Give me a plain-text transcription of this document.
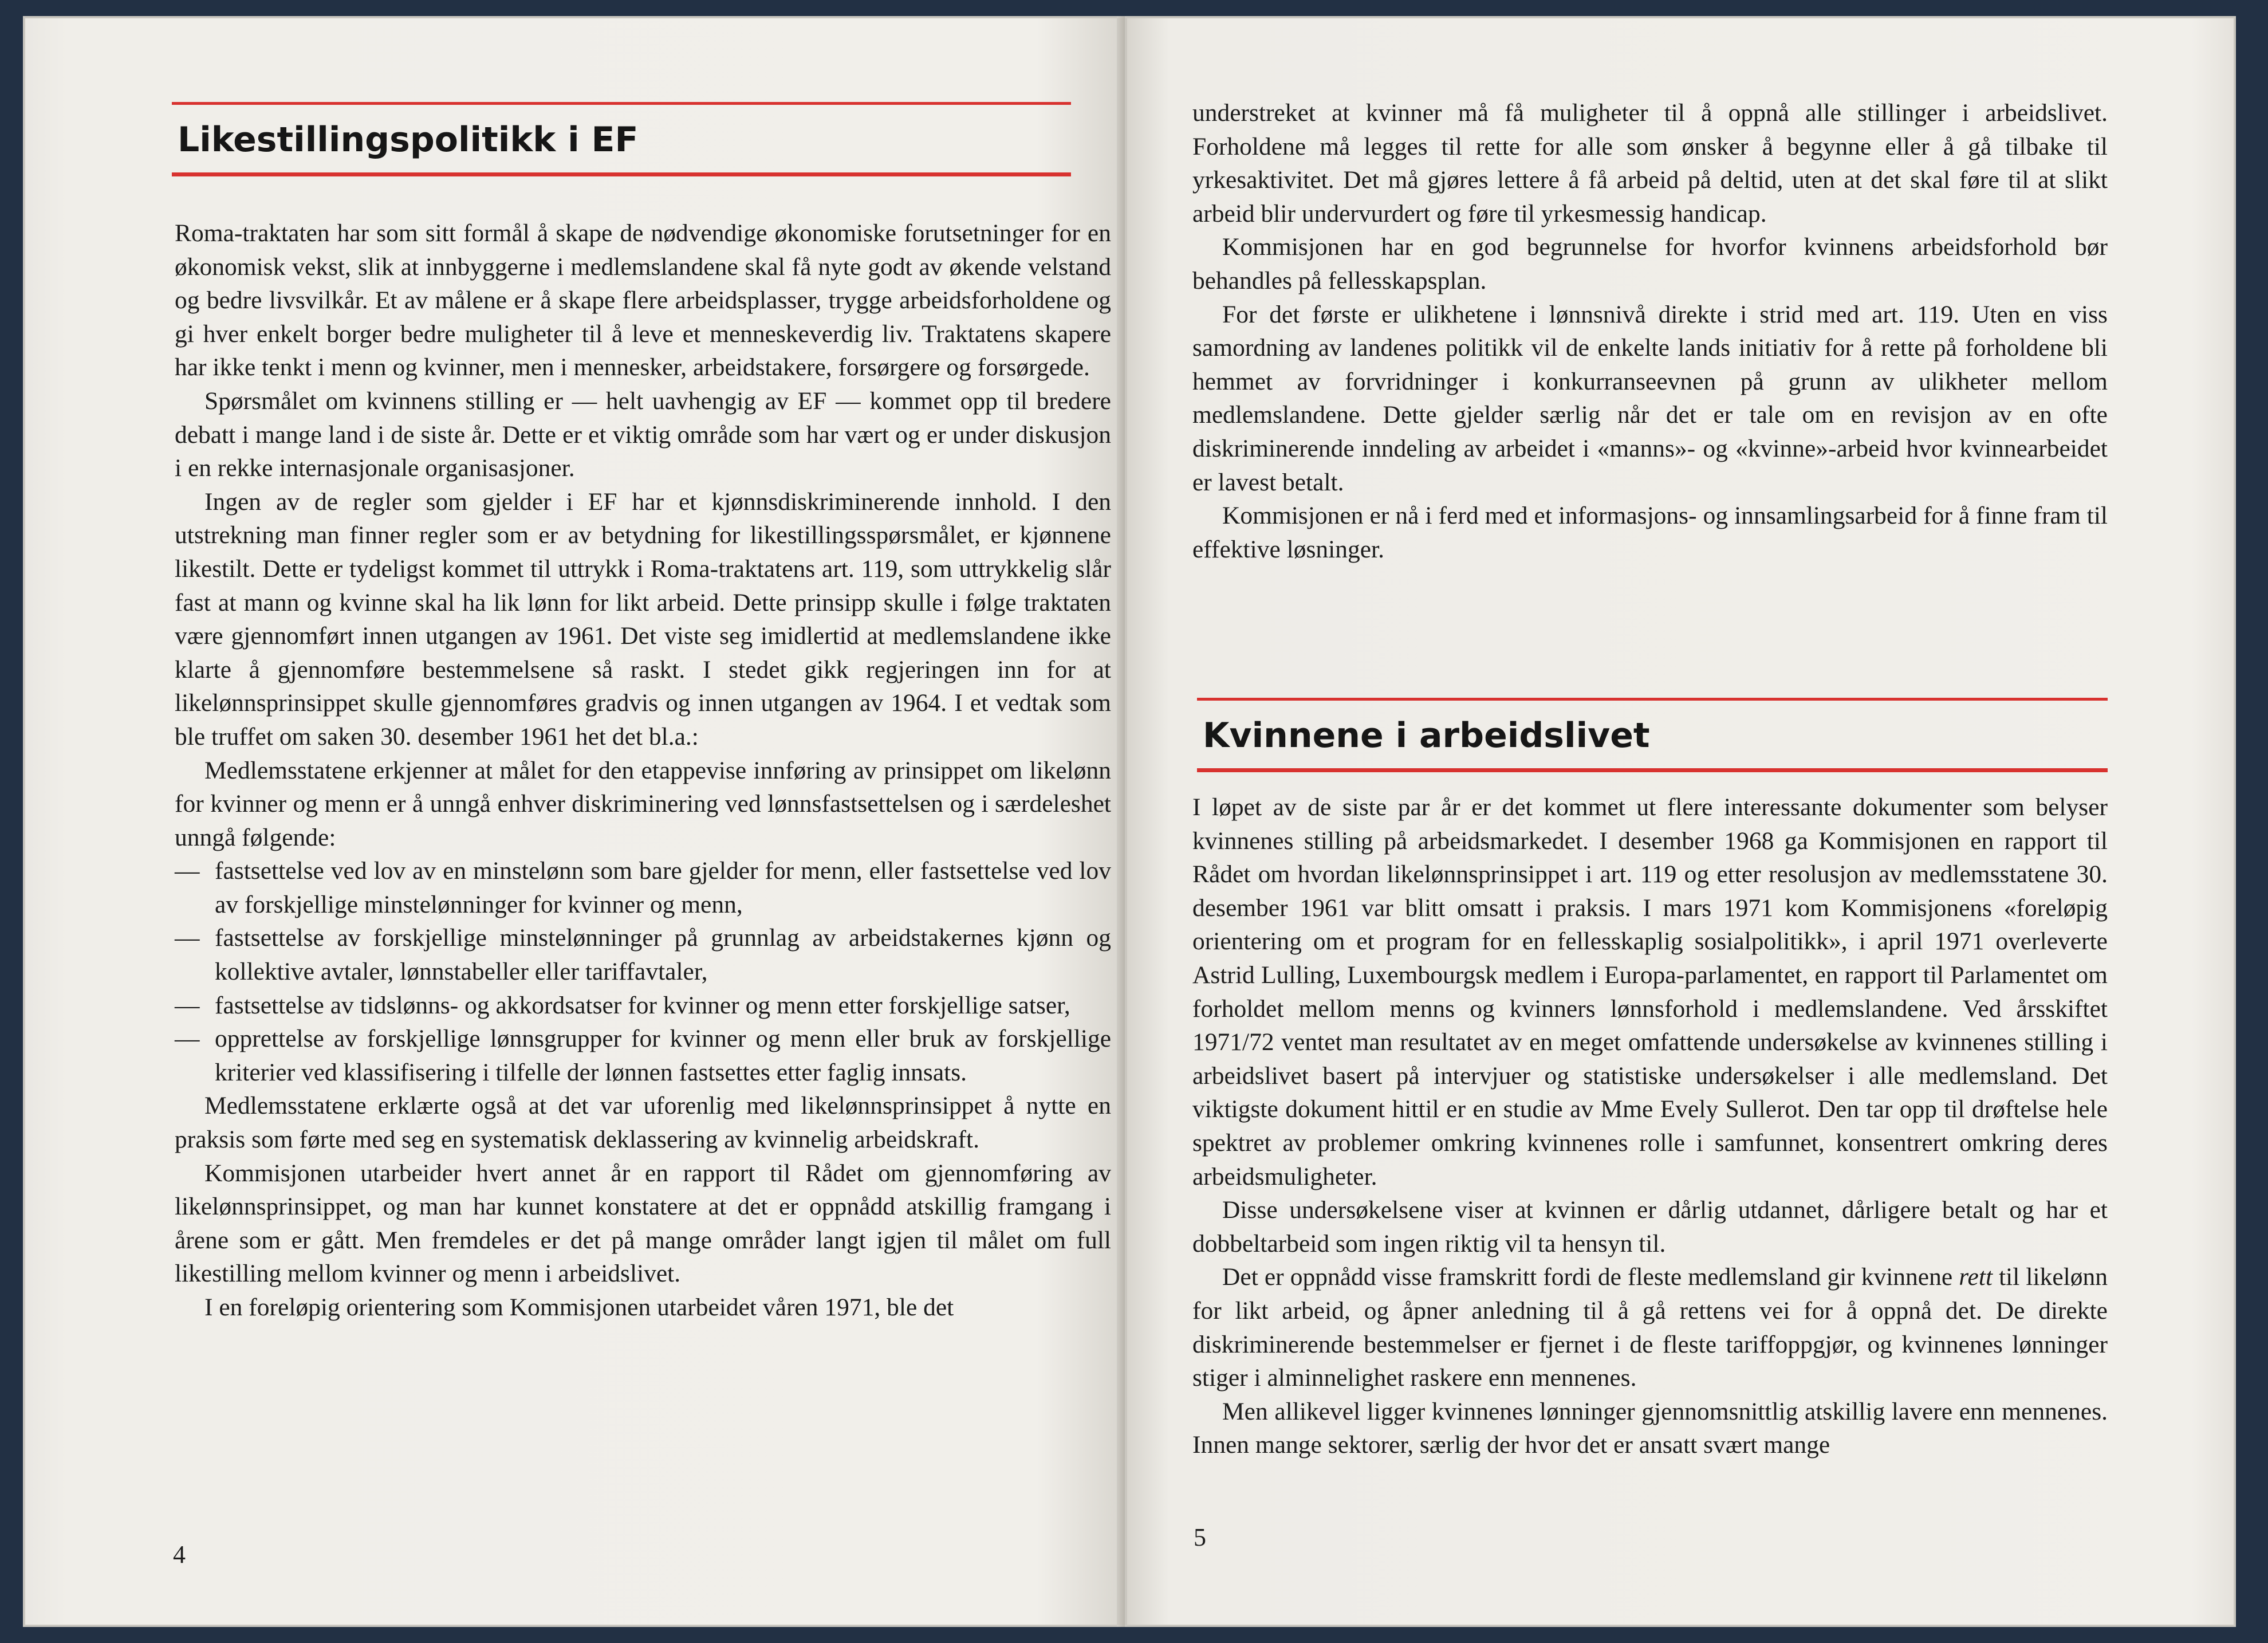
Likestillingspolitikk i EF

Roma-traktaten har som sitt formål å skape de nødvendige økonomiske forutsetninger for en økonomisk vekst, slik at innbyggerne i medlemslandene skal få nyte godt av økende velstand og bedre livsvilkår. Et av målene er å skape flere arbeidsplasser, trygge arbeidsforholdene og gi hver enkelt borger bedre muligheter til å leve et menneskeverdig liv. Traktatens skapere har ikke tenkt i menn og kvinner, men i mennesker, arbeidstakere, forsørgere og forsørgede.

Spørsmålet om kvinnens stilling er — helt uavhengig av EF — kommet opp til bredere debatt i mange land i de siste år. Dette er et viktig område som har vært og er under diskusjon i en rekke internasjonale organisasjoner.

Ingen av de regler som gjelder i EF har et kjønnsdiskriminerende innhold. I den utstrekning man finner regler som er av betydning for likestillingsspørsmålet, er kjønnene likestilt. Dette er tydeligst kommet til uttrykk i Roma-traktatens art. 119, som uttrykkelig slår fast at mann og kvinne skal ha lik lønn for likt arbeid. Dette prinsipp skulle i følge traktaten være gjennomført innen utgangen av 1961. Det viste seg imidlertid at medlemslandene ikke klarte å gjennomføre bestemmelsene så raskt. I stedet gikk regjeringen inn for at likelønnsprinsippet skulle gjennomføres gradvis og innen utgangen av 1964. I et vedtak som ble truffet om saken 30. desember 1961 het det bl.a.:

Medlemsstatene erkjenner at målet for den etappevise innføring av prinsippet om likelønn for kvinner og menn er å unngå enhver diskriminering ved lønnsfastsettelsen og i særdeleshet unngå følgende:

— fastsettelse ved lov av en minstelønn som bare gjelder for menn, eller fastsettelse ved lov av forskjellige minstelønninger for kvinner og menn,
— fastsettelse av forskjellige minstelønninger på grunnlag av arbeidstakernes kjønn og kollektive avtaler, lønnstabeller eller tariffavtaler,
— fastsettelse av tidslønns- og akkordsatser for kvinner og menn etter forskjellige satser,
— opprettelse av forskjellige lønnsgrupper for kvinner og menn eller bruk av forskjellige kriterier ved klassifisering i tilfelle der lønnen fastsettes etter faglig innsats.

Medlemsstatene erklærte også at det var uforenlig med likelønnsprinsippet å nytte en praksis som førte med seg en systematisk deklassering av kvinnelig arbeidskraft.

Kommisjonen utarbeider hvert annet år en rapport til Rådet om gjennomføring av likelønnsprinsippet, og man har kunnet konstatere at det er oppnådd atskillig framgang i årene som er gått. Men fremdeles er det på mange områder langt igjen til målet om full likestilling mellom kvinner og menn i arbeidslivet.

I en foreløpig orientering som Kommisjonen utarbeidet våren 1971, ble det

4

understreket at kvinner må få muligheter til å oppnå alle stillinger i arbeidslivet. Forholdene må legges til rette for alle som ønsker å begynne eller å gå tilbake til yrkesaktivitet. Det må gjøres lettere å få arbeid på deltid, uten at det skal føre til at slikt arbeid blir undervurdert og føre til yrkesmessig handicap.

Kommisjonen har en god begrunnelse for hvorfor kvinnens arbeidsforhold bør behandles på fellesskapsplan.

For det første er ulikhetene i lønnsnivå direkte i strid med art. 119. Uten en viss samordning av landenes politikk vil de enkelte lands initiativ for å rette på forholdene bli hemmet av forvridninger i konkurranseevnen på grunn av ulikheter mellom medlemslandene. Dette gjelder særlig når det er tale om en revisjon av en ofte diskriminerende inndeling av arbeidet i «manns»- og «kvinne»-arbeid hvor kvinnearbeidet er lavest betalt.

Kommisjonen er nå i ferd med et informasjons- og innsamlingsarbeid for å finne fram til effektive løsninger.

Kvinnene i arbeidslivet

I løpet av de siste par år er det kommet ut flere interessante dokumenter som belyser kvinnenes stilling på arbeidsmarkedet. I desember 1968 ga Kommisjonen en rapport til Rådet om hvordan likelønnsprinsippet i art. 119 og etter resolusjon av medlemsstatene 30. desember 1961 var blitt omsatt i praksis. I mars 1971 kom Kommisjonens «foreløpig orientering om et program for en fellesskaplig sosialpolitikk», i april 1971 overleverte Astrid Lulling, Luxembourgsk medlem i Europa-parlamentet, en rapport til Parlamentet om forholdet mellom menns og kvinners lønnsforhold i medlemslandene. Ved årsskiftet 1971/72 ventet man resultatet av en meget omfattende undersøkelse av kvinnenes stilling i arbeidslivet basert på intervjuer og statistiske undersøkelser i alle medlemsland. Det viktigste dokument hittil er en studie av Mme Evely Sullerot. Den tar opp til drøftelse hele spektret av problemer omkring kvinnenes rolle i samfunnet, konsentrert omkring deres arbeidsmuligheter.

Disse undersøkelsene viser at kvinnen er dårlig utdannet, dårligere betalt og har et dobbeltarbeid som ingen riktig vil ta hensyn til.

Det er oppnådd visse framskritt fordi de fleste medlemsland gir kvinnene rett til likelønn for likt arbeid, og åpner anledning til å gå rettens vei for å oppnå det. De direkte diskriminerende bestemmelser er fjernet i de fleste tariffoppgjør, og kvinnenes lønninger stiger i alminnelighet raskere enn mennenes.

Men allikevel ligger kvinnenes lønninger gjennomsnittlig atskillig lavere enn mennenes. Innen mange sektorer, særlig der hvor det er ansatt svært mange

5
